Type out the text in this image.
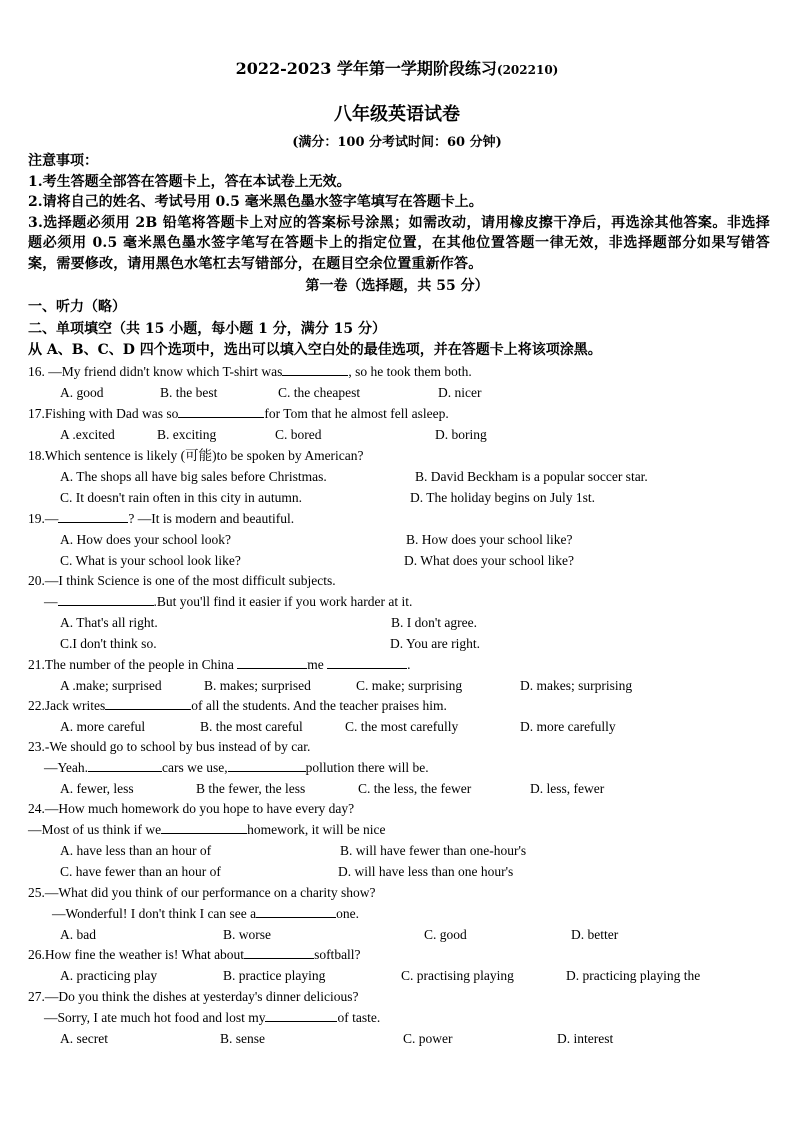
2022-2023 学年第一学期阶段练习(202210)
八年级英语试卷
(满分：100 分考试时间：60 分钟)

注意事项：

1.考生答题全部答在答题卡上，答在本试卷上无效。

2.请将自己的姓名、考试号用 0.5 毫米黑色墨水签字笔填写在答题卡上。

3.选择题必须用 2B 铅笔将答题卡上对应的答案标号涂黑；如需改动，请用橡皮擦干净后，再选涂其他答案。非选择题必须用 0.5 毫米黑色墨水签字笔写在答题卡上的指定位置，在其他位置答题一律无效，非选择题部分如果写错答案，需要修改，请用黑色水笔杠去写错部分，在题目空余位置重新作答。

第一卷（选择题，共 55 分）
一、听力（略）
二、单项填空（共 15 小题，每小题 1 分，满分 15 分）
从 A、B、C、D 四个选项中，选出可以填入空白处的最佳选项，并在答题卡上将该项涂黑。
16. —My friend didn't know which T-shirt was	, so he took them both.
A. good	B. the best	C. the cheapest	D. nicer
17.Fishing with Dad was so	for Tom that he almost fell asleep.
A .excited	B. exciting	C. bored	D. boring
18.Which sentence is likely (可能)to be spoken by American?
A. The shops all have big sales before Christmas.	B. David Beckham is a popular soccer star.
C. It doesn't rain often in this city in autumn.	D. The holiday begins on July 1st.
19.—	? —It is modern and beautiful.
A. How does your school look?	B. How does your school like?
C. What is your school look like?	D. What does your school like?
20.—I think Science is one of the most difficult subjects.
—	.But you'll find it easier if you work harder at it.
A. That's all right.	B. I don't agree.
C.I don't think so.	D. You are right.
21.The number of the people in China	me	.
A .make; surprised	B. makes; surprised	C. make; surprising	D. makes; surprising
22.Jack writes	of all the students. And the teacher praises him.
A. more careful	B. the most careful	C. the most carefully	D. more carefully
23.-We should go to school by bus instead of by car.
—Yeah.	cars we use,	pollution there will be.
A. fewer, less	B the fewer, the less	C. the less, the fewer	D. less, fewer
24.—How much homework do you hope to have every day?
—Most of us think if we	homework, it will be nice
A. have less than an hour of	B. will have fewer than one-hour's
C. have fewer than an hour of	D. will have less than one hour's
25.—What did you think of our performance on a charity show?
—Wonderful! I don't think I can see a	one.
A. bad	B. worse	C. good	D. better
26.How fine the weather is! What about	softball?
A. practicing play	B. practice playing	C. practising playing	D. practicing playing the
27.—Do you think the dishes at yesterday's dinner delicious?
—Sorry, I ate much hot food and lost my	of taste.
A. secret	B. sense	C. power	D. interest
